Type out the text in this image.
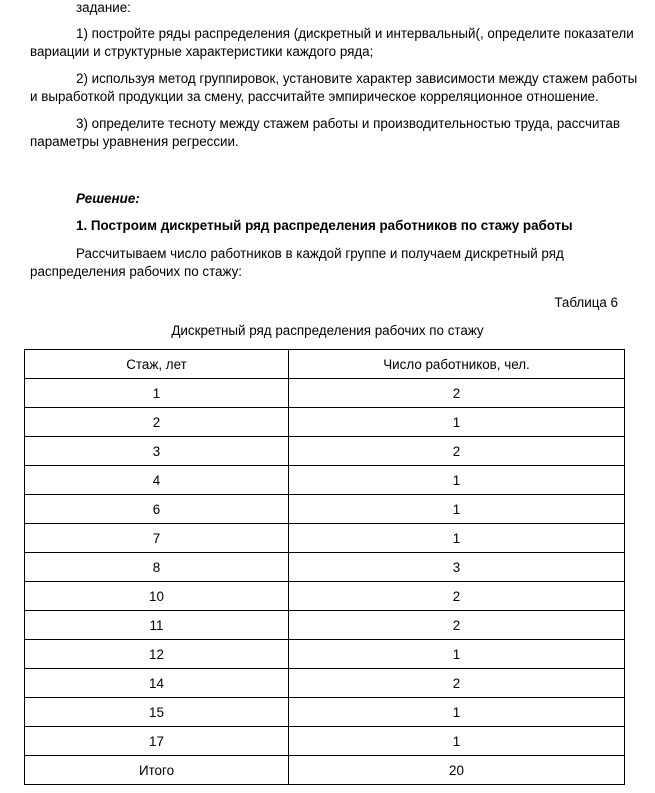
задание:
1) постройте ряды распределения (дискретный и интервальный(, определите показатели
вариации и структурные характеристики каждого ряда;
2) используя метод группировок, установите характер зависимости между стажем работы
и выработкой продукции за смену, рассчитайте эмпирическое корреляционное отношение.
3) определите тесноту между стажем работы и производительностью труда, рассчитав
параметры уравнения регрессии.
Решение:
1. Построим дискретный ряд распределения работников по стажу работы
Рассчитываем число работников в каждой группе и получаем дискретный ряд
распределения рабочих по стажу:
Таблица 6
Дискретный ряд распределения рабочих по стажу
Стаж, лет	Число работников, чел.
1	2
2	1
3	2
4	1
6	1
7	1
8	3
10	2
11	2
12	1
14	2
15	1
17	1
Итого	20
